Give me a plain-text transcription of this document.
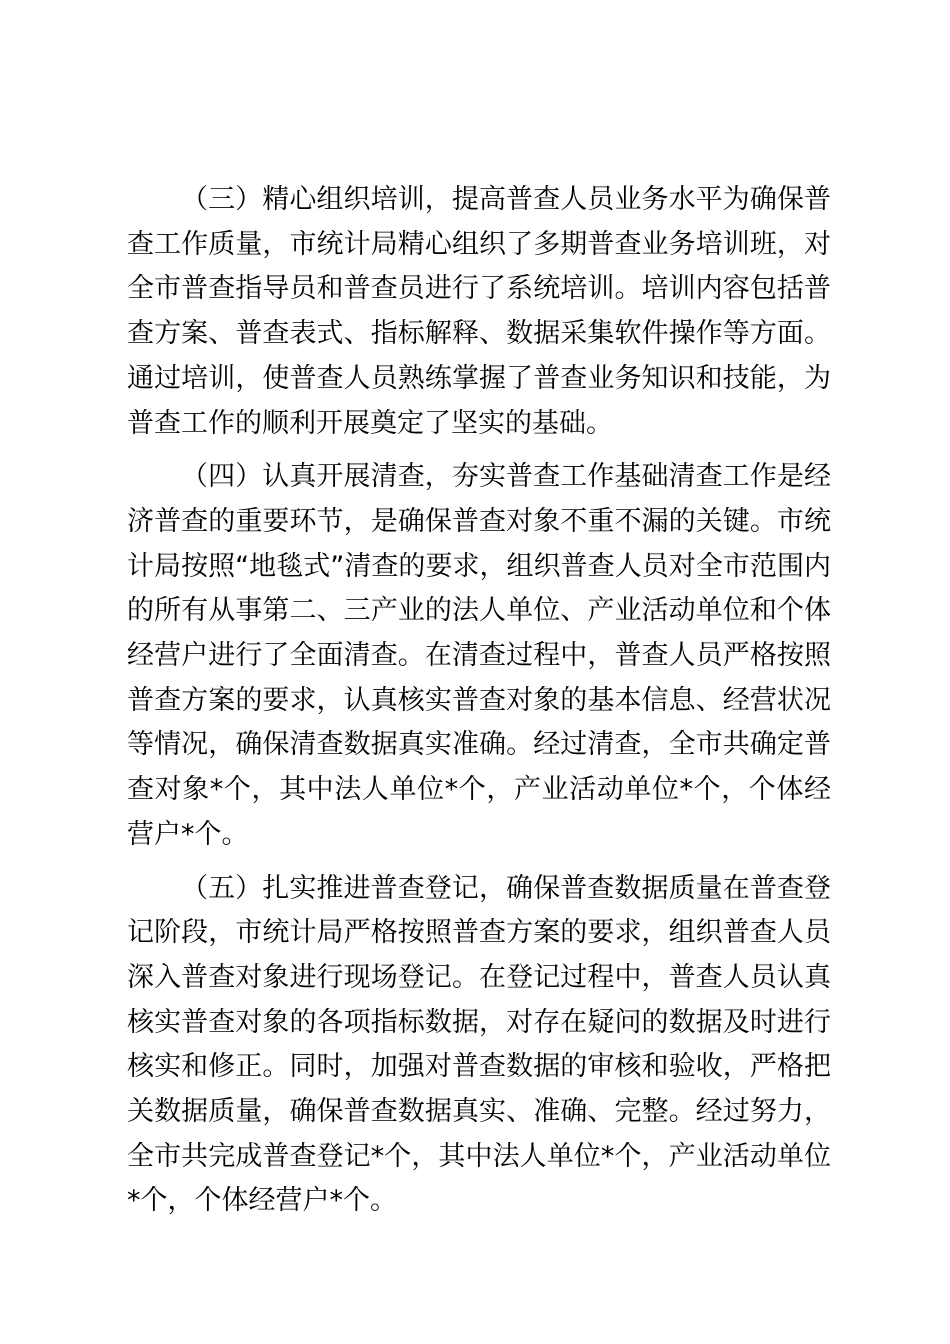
（三）精心组织培训，提高普查人员业务水平为确保普查工作质量，市统计局精心组织了多期普查业务培训班，对全市普查指导员和普查员进行了系统培训。培训内容包括普查方案、普查表式、指标解释、数据采集软件操作等方面。通过培训，使普查人员熟练掌握了普查业务知识和技能，为普查工作的顺利开展奠定了坚实的基础。

（四）认真开展清查，夯实普查工作基础清查工作是经济普查的重要环节，是确保普查对象不重不漏的关键。市统计局按照“地毯式”清查的要求，组织普查人员对全市范围内的所有从事第二、三产业的法人单位、产业活动单位和个体经营户进行了全面清查。在清查过程中，普查人员严格按照普查方案的要求，认真核实普查对象的基本信息、经营状况等情况，确保清查数据真实准确。经过清查，全市共确定普查对象*个，其中法人单位*个，产业活动单位*个，个体经营户*个。

（五）扎实推进普查登记，确保普查数据质量在普查登记阶段，市统计局严格按照普查方案的要求，组织普查人员深入普查对象进行现场登记。在登记过程中，普查人员认真核实普查对象的各项指标数据，对存在疑问的数据及时进行核实和修正。同时，加强对普查数据的审核和验收，严格把关数据质量，确保普查数据真实、准确、完整。经过努力，全市共完成普查登记*个，其中法人单位*个，产业活动单位*个，个体经营户*个。
